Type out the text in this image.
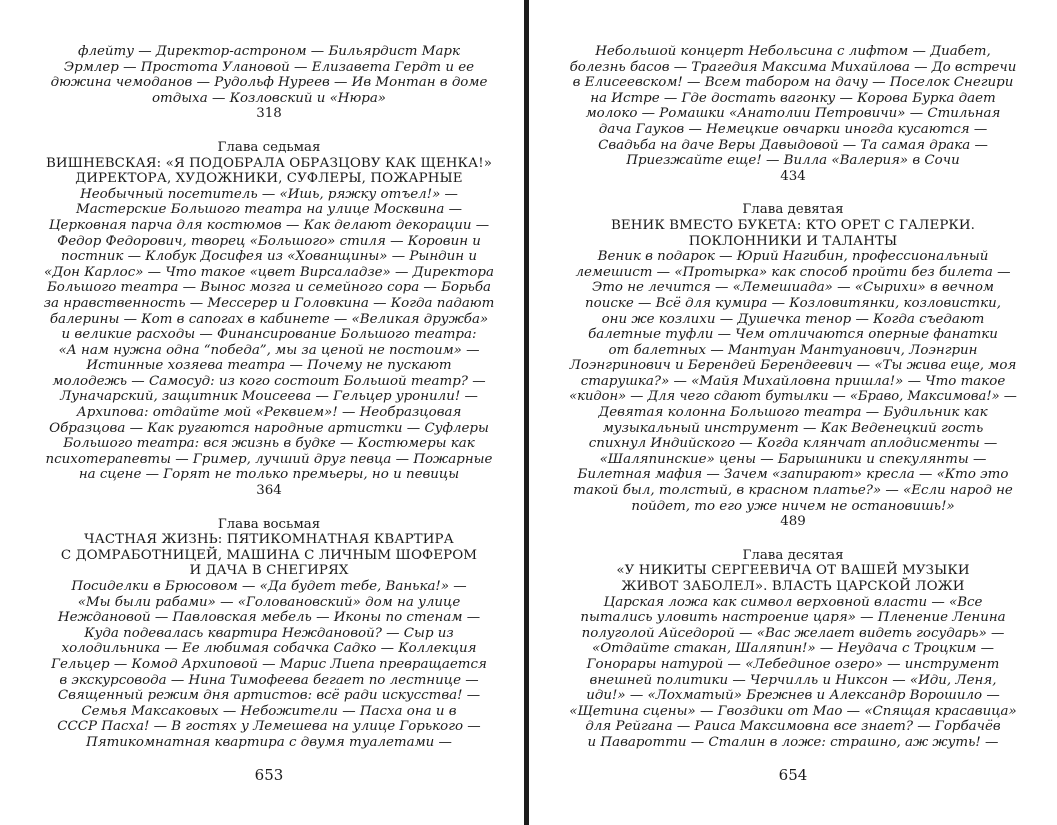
флейту — Директор-астроном — Бильярдист Марк
Эрмлер — Простота Улановой — Елизавета Гердт и ее
дюжина чемоданов — Рудольф Нуреев — Ив Монтан в доме
отдыха — Козловский и «Нюра»
318
Глава седьмая
ВИШНЕВСКАЯ: «Я ПОДОБРАЛА ОБРАЗЦОВУ КАК ЩЕНКА!»
ДИРЕКТОРА, ХУДОЖНИКИ, СУФЛЕРЫ, ПОЖАРНЫЕ
Необычный посетитель — «Ишь, ряжку отъел!» —
Мастерские Большого театра на улице Москвина —
Церковная парча для костюмов — Как делают декорации —
Федор Федорович, творец «Большого» стиля — Коровин и
постник — Клобук Досифея из «Хованщины» — Рындин и
«Дон Карлос» — Что такое «цвет Вирсаладзе» — Директора
Большого театра — Вынос мозга и семейного сора — Борьба
за нравственность — Мессерер и Головкина — Когда падают
балерины — Кот в сапогах в кабинете — «Великая дружба»
и великие расходы — Финансирование Большого театра:
«А нам нужна одна “победа”, мы за ценой не постоим» —
Истинные хозяева театра — Почему не пускают
молодежь — Самосуд: из кого состоит Большой театр? —
Луначарский, защитник Моисеева — Гельцер уронили! —
Архипова: отдайте мой «Реквием»! — Необразцовая
Образцова — Как ругаются народные артистки — Суфлеры
Большого театра: вся жизнь в будке — Костюмеры как
психотерапевты — Гример, лучший друг певца — Пожарные
на сцене — Горят не только премьеры, но и певицы
364
Глава восьмая
ЧАСТНАЯ ЖИЗНЬ: ПЯТИКОМНАТНАЯ КВАРТИРА
С ДОМРАБОТНИЦЕЙ, МАШИНА С ЛИЧНЫМ ШОФЕРОМ
И ДАЧА В СНЕГИРЯХ
Посиделки в Брюсовом — «Да будет тебе, Ванька!» —
«Мы были рабами» — «Головановский» дом на улице
Неждановой — Павловская мебель — Иконы по стенам —
Куда подевалась квартира Неждановой? — Сыр из
холодильника — Ее любимая собачка Садко — Коллекция
Гельцер — Комод Архиповой — Марис Лиепа превращается
в экскурсовода — Нина Тимофеева бегает по лестнице —
Священный режим дня артистов: всё ради искусства! —
Семья Максаковых — Небожители — Пасха она и в
СССР Пасха! — В гостях у Лемешева на улице Горького —
Пятикомнатная квартира с двумя туалетами —
653
Небольшой концерт Небольсина с лифтом — Диабет,
болезнь басов — Трагедия Максима Михайлова — До встречи
в Елисеевском! — Всем табором на дачу — Поселок Снегири
на Истре — Где достать вагонку — Корова Бурка дает
молоко — Ромашки «Анатолии Петровичи» — Стильная
дача Гауков — Немецкие овчарки иногда кусаются —
Свадьба на даче Веры Давыдовой — Та самая драка —
Приезжайте еще! — Вилла «Валерия» в Сочи
434
Глава девятая
ВЕНИК ВМЕСТО БУКЕТА: КТО ОРЕТ С ГАЛЕРКИ.
ПОКЛОННИКИ И ТАЛАНТЫ
Веник в подарок — Юрий Нагибин, профессиональный
лемешист — «Протырка» как способ пройти без билета —
Это не лечится — «Лемешиада» — «Сырихи» в вечном
поиске — Всё для кумира — Козловитянки, козловистки,
они же козлихи — Душечка тенор — Когда съедают
балетные туфли — Чем отличаются оперные фанатки
от балетных — Мантуан Мантуанович, Лоэнгрин
Лоэнгринович и Берендей Берендеевич — «Ты жива еще, моя
старушка?» — «Майя Михайловна пришла!» — Что такое
«кидон» — Для чего сдают бутылки — «Браво, Максимова!» —
Девятая колонна Большого театра — Будильник как
музыкальный инструмент — Как Веденецкий гость
спихнул Индийского — Когда клянчат аплодисменты —
«Шаляпинские» цены — Барышники и спекулянты —
Билетная мафия — Зачем «запирают» кресла — «Кто это
такой был, толстый, в красном платье?» — «Если народ не
пойдет, то его уже ничем не остановишь!»
489
Глава десятая
«У НИКИТЫ СЕРГЕЕВИЧА ОТ ВАШЕЙ МУЗЫКИ
ЖИВОТ ЗАБОЛЕЛ». ВЛАСТЬ ЦАРСКОЙ ЛОЖИ
Царская ложа как символ верховной власти — «Все
пытались уловить настроение царя» — Пленение Ленина
полуголой Айседорой — «Вас желает видеть государь» —
«Отдайте стакан, Шаляпин!» — Неудача с Троцким —
Гонорары натурой — «Лебединое озеро» — инструмент
внешней политики — Черчилль и Никсон — «Иди, Леня,
иди!» — «Лохматый» Брежнев и Александр Ворошило —
«Щетина сцены» — Гвоздики от Мао — «Спящая красавица»
для Рейгана — Раиса Максимовна все знает? — Горбачёв
и Паваротти — Сталин в ложе: страшно, аж жуть! —
654
